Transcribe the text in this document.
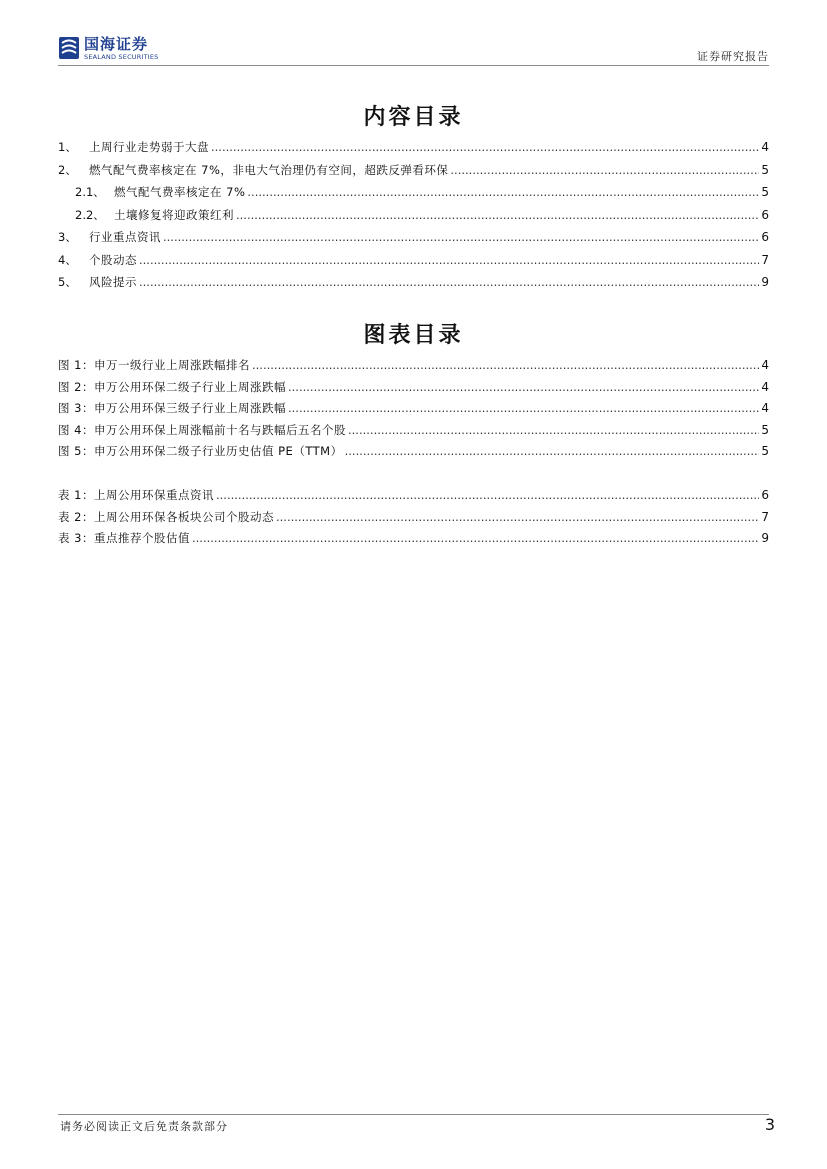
国海证券
SEALAND SECURITIES	证券研究报告
内容目录
1、	上周行业走势弱于大盘 .....	4
2、	燃气配气费率核定在 7%，非电大气治理仍有空间，超跌反弹看环保 .....	5
2.1、 燃气配气费率核定在 7% .....	5
2.2、 土壤修复将迎政策红利 .....	6
3、	行业重点资讯 .....	6
4、	个股动态 .....	7
5、	风险提示 .....	9
图表目录
图 1：申万一级行业上周涨跌幅排名 .....	4
图 2：申万公用环保二级子行业上周涨跌幅 .....	4
图 3：申万公用环保三级子行业上周涨跌幅 .....	4
图 4：申万公用环保上周涨幅前十名与跌幅后五名个股 .....	5
图 5：申万公用环保二级子行业历史估值 PE（TTM） .....	5
表 1：上周公用环保重点资讯 .....	6
表 2：上周公用环保各板块公司个股动态 .....	7
表 3：重点推荐个股估值 .....	9
请务必阅读正文后免责条款部分	3
